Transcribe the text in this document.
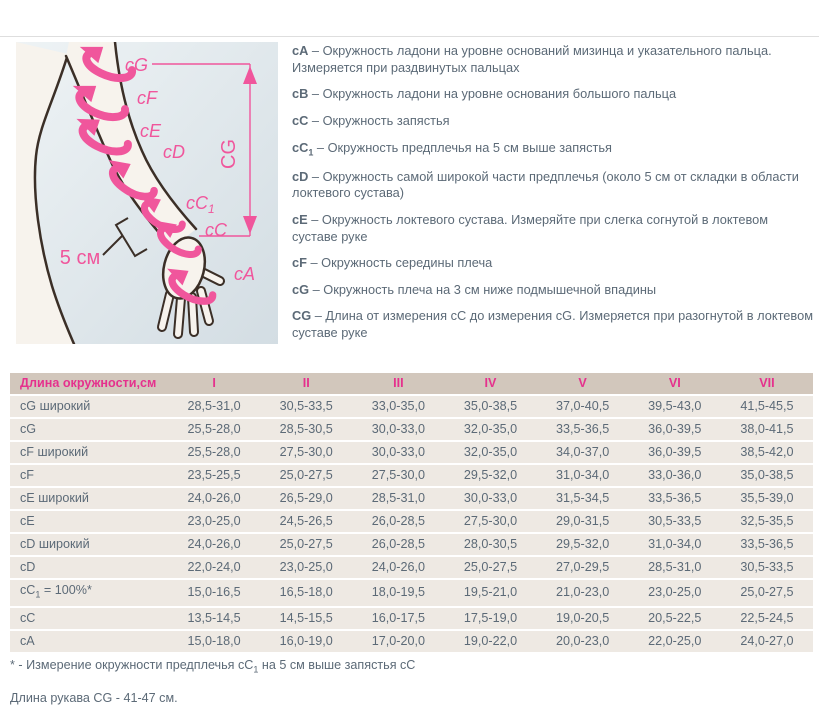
CG
5 см
cG
cF
cE
cD
$cC_1$
cC
cA

cA – Окружность ладони на уровне оснований мизинца и указательного пальца. Измеряется при раздвинутых пальцах

cB – Окружность ладони на уровне основания большого пальца

cC – Окружность запястья

$cC_1$ – Окружность предплечья на 5 см выше запястья

cD – Окружность самой широкой части предплечья (около 5 см от складки в области локтевого сустава)

cE – Окружность локтевого сустава. Измеряйте при слегка согнутой в локтевом суставе руке

cF – Окружность середины плеча

cG – Окружность плеча на 3 см ниже подмышечной впадины

CG – Длина от измерения cC до измерения cG. Измеряется при разогнутой в локтевом суставе руке

Длина окружности,см	I	II	III	IV	V	VI	VII
cG широкий	28,5-31,0	30,5-33,5	33,0-35,0	35,0-38,5	37,0-40,5	39,5-43,0	41,5-45,5
cG	25,5-28,0	28,5-30,5	30,0-33,0	32,0-35,0	33,5-36,5	36,0-39,5	38,0-41,5
cF широкий	25,5-28,0	27,5-30,0	30,0-33,0	32,0-35,0	34,0-37,0	36,0-39,5	38,5-42,0
cF	23,5-25,5	25,0-27,5	27,5-30,0	29,5-32,0	31,0-34,0	33,0-36,0	35,0-38,5
cE широкий	24,0-26,0	26,5-29,0	28,5-31,0	30,0-33,0	31,5-34,5	33,5-36,5	35,5-39,0
cE	23,0-25,0	24,5-26,5	26,0-28,5	27,5-30,0	29,0-31,5	30,5-33,5	32,5-35,5
cD широкий	24,0-26,0	25,0-27,5	26,0-28,5	28,0-30,5	29,5-32,0	31,0-34,0	33,5-36,5
cD	22,0-24,0	23,0-25,0	24,0-26,0	25,0-27,5	27,0-29,5	28,5-31,0	30,5-33,5
$cC_1 = 100\%*$	15,0-16,5	16,5-18,0	18,0-19,5	19,5-21,0	21,0-23,0	23,0-25,0	25,0-27,5
cC	13,5-14,5	14,5-15,5	16,0-17,5	17,5-19,0	19,0-20,5	20,5-22,5	22,5-24,5
cA	15,0-18,0	16,0-19,0	17,0-20,0	19,0-22,0	20,0-23,0	22,0-25,0	24,0-27,0

* - Измерение окружности предплечья $cC_1$ на 5 см выше запястья cC

Длина рукава CG - 41-47 см.
